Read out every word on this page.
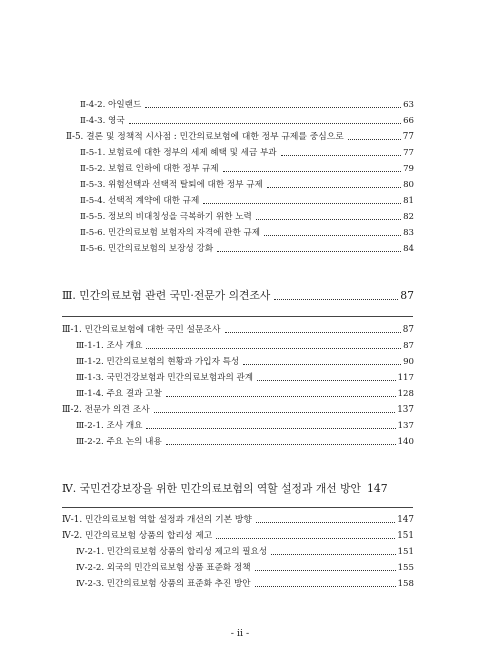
Ⅱ-4-2. 아일랜드	63
Ⅱ-4-3. 영국	66
Ⅱ-5. 결론 및 정책적 시사점 : 민간의료보험에 대한 정부 규제를 중심으로	77
Ⅱ-5-1. 보험료에 대한 정부의 세제 혜택 및 세금 부과	77
Ⅱ-5-2. 보험료 인하에 대한 정부 규제	79
Ⅱ-5-3. 위험선택과 선택적 탈퇴에 대한 정부 규제	80
Ⅱ-5-4. 선택적 계약에 대한 규제	81
Ⅱ-5-5. 정보의 비대칭성을 극복하기 위한 노력	82
Ⅱ-5-6. 민간의료보험 보험자의 자격에 관한 규제	83
Ⅱ-5-6. 민간의료보험의 보장성 강화	84
Ⅲ. 민간의료보험 관련 국민·전문가 의견조사	87
Ⅲ-1. 민간의료보험에 대한 국민 설문조사	87
Ⅲ-1-1. 조사 개요	87
Ⅲ-1-2. 민간의료보험의 현황과 가입자 특성	90
Ⅲ-1-3. 국민건강보험과 민간의료보험과의 관계	117
Ⅲ-1-4. 주요 결과 고찰	128
Ⅲ-2. 전문가 의견 조사	137
Ⅲ-2-1. 조사 개요	137
Ⅲ-2-2. 주요 논의 내용	140
Ⅳ. 국민건강보장을 위한 민간의료보험의 역할 설정과 개선 방안 147
Ⅳ-1. 민간의료보험 역할 설정과 개선의 기본 방향	147
Ⅳ-2. 민간의료보험 상품의 합리성 제고	151
Ⅳ-2-1. 민간의료보험 상품의 합리성 제고의 필요성	151
Ⅳ-2-2. 외국의 민간의료보험 상품 표준화 정책	155
Ⅳ-2-3. 민간의료보험 상품의 표준화 추진 방안	158
- ii -
